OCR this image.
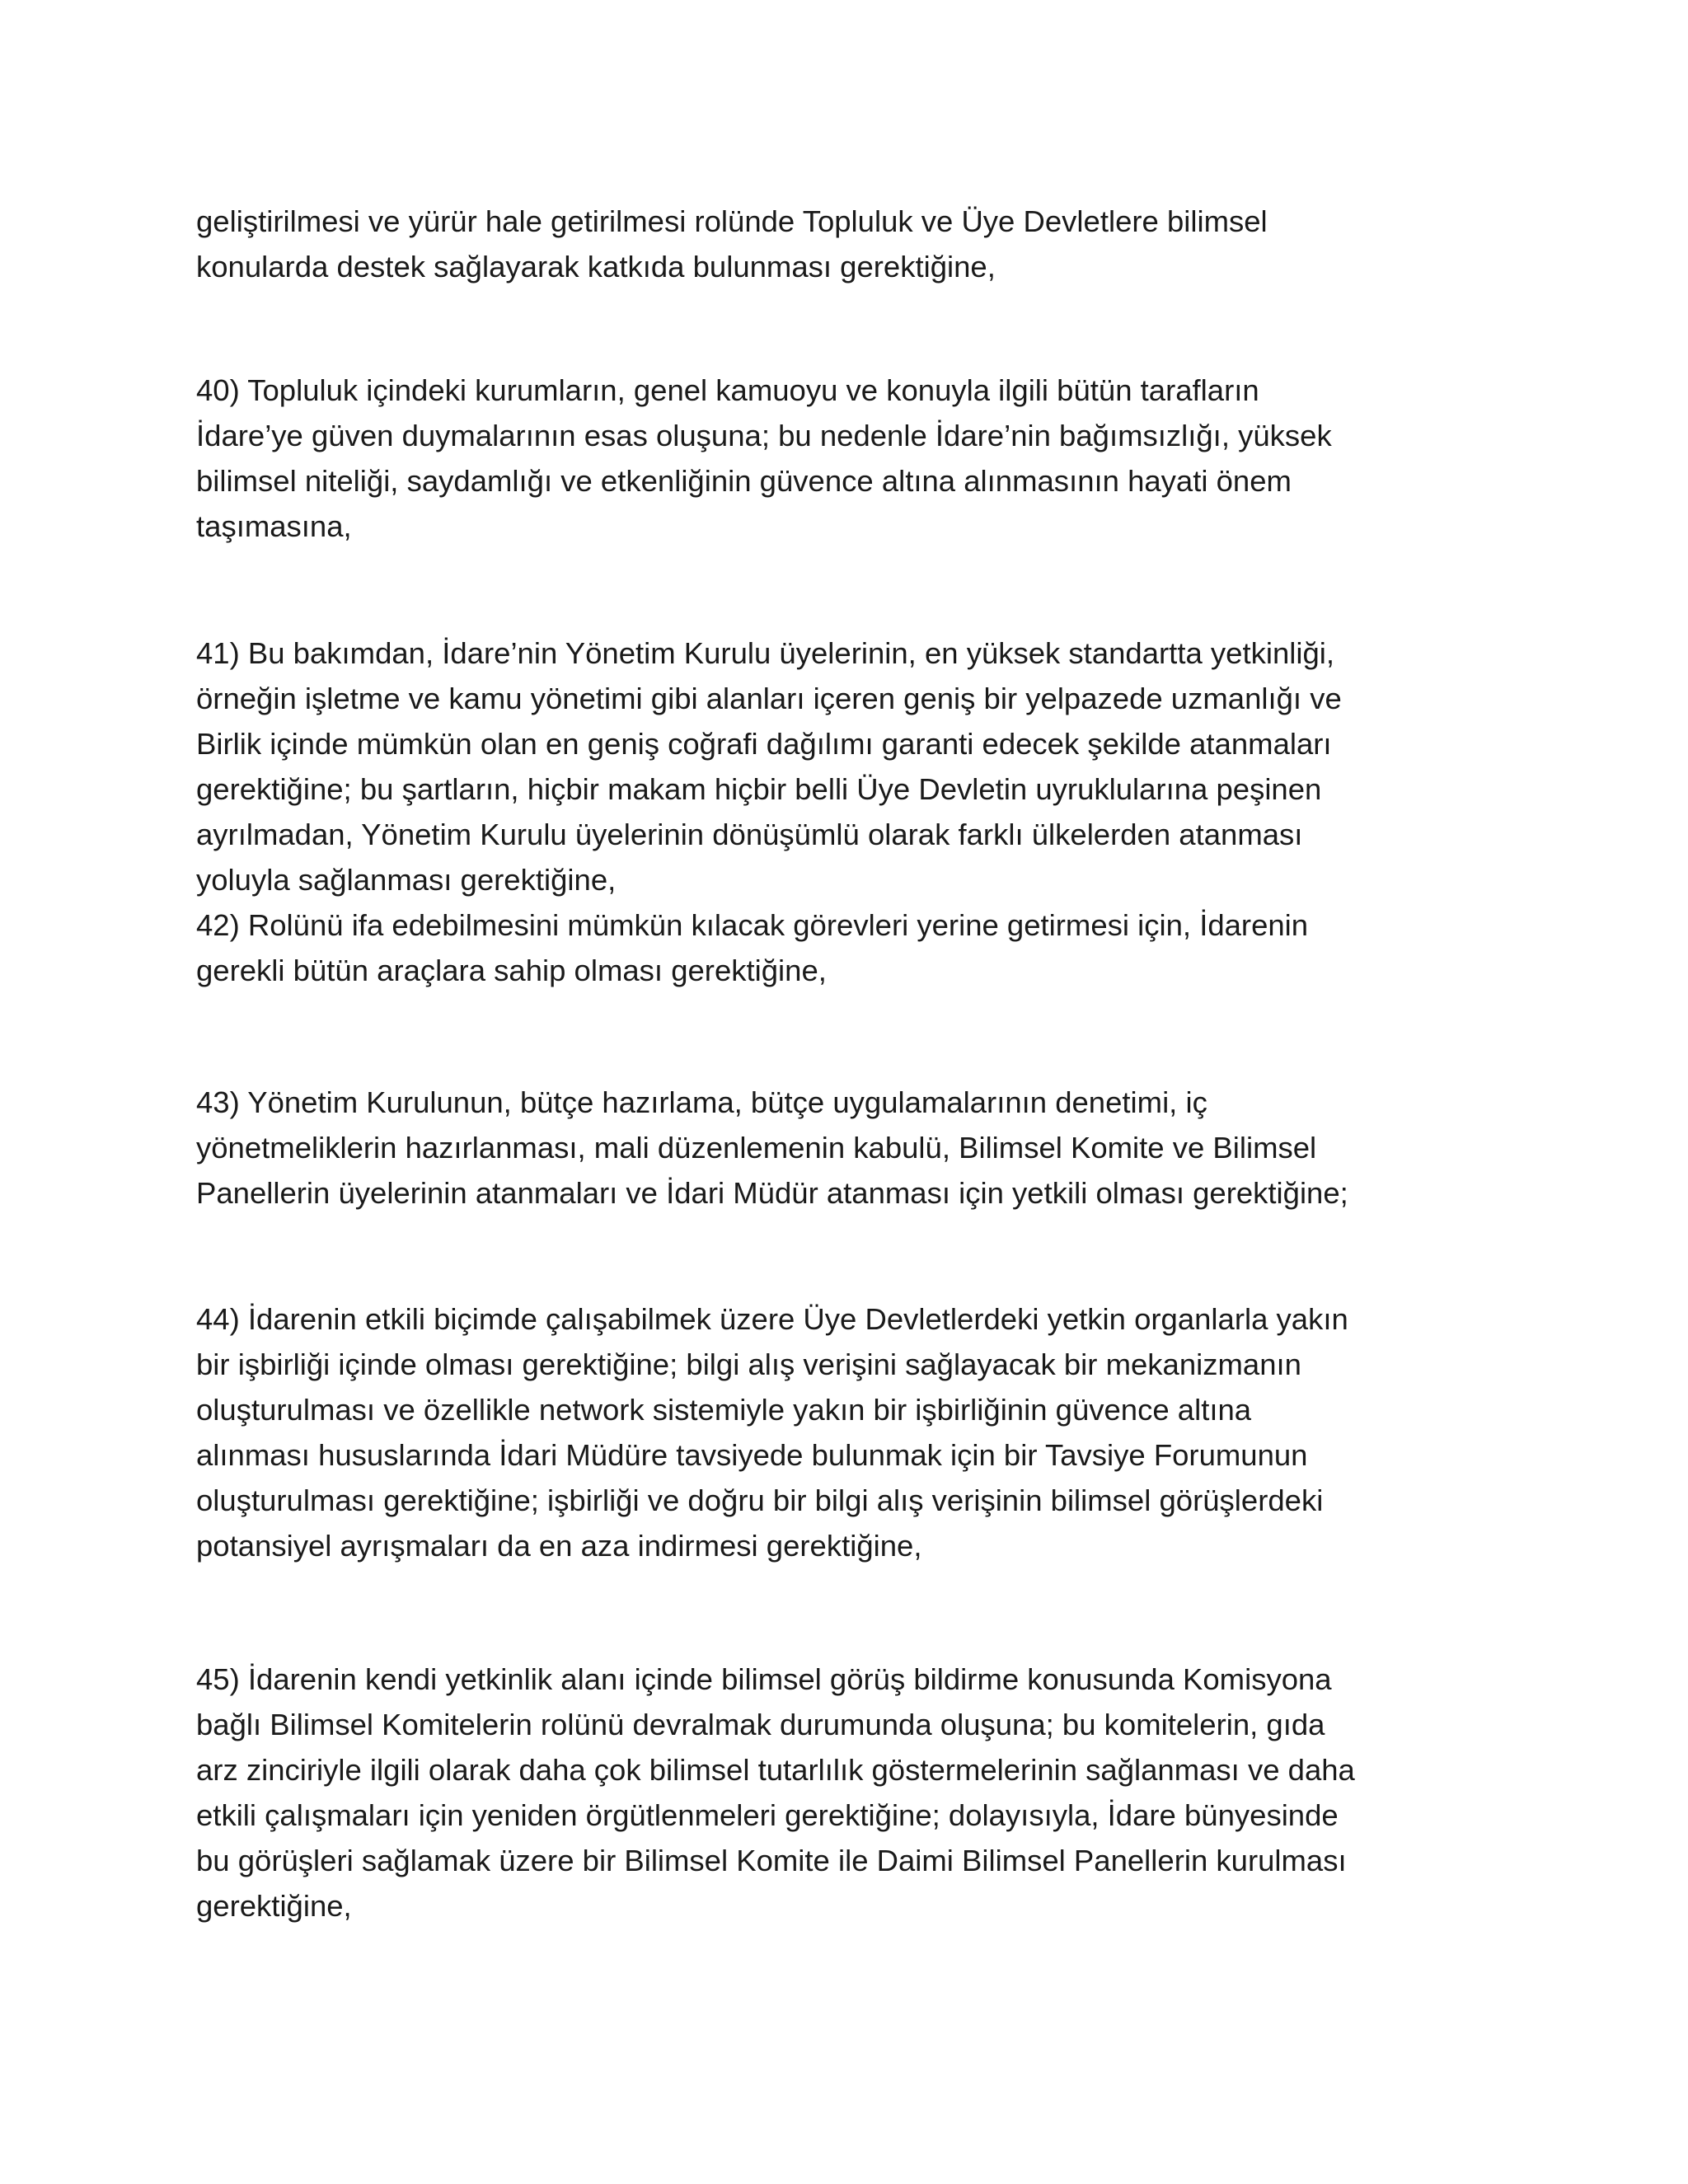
geliştirilmesi ve yürür hale getirilmesi rolünde Topluluk ve Üye Devletlere bilimsel
konularda destek sağlayarak katkıda bulunması gerektiğine,

40) Topluluk içindeki kurumların, genel kamuoyu ve konuyla ilgili bütün tarafların
İdare’ye güven duymalarının esas oluşuna; bu nedenle İdare’nin bağımsızlığı, yüksek
bilimsel niteliği, saydamlığı ve etkenliğinin güvence altına alınmasının hayati önem
taşımasına,

41) Bu bakımdan, İdare’nin Yönetim Kurulu üyelerinin, en yüksek standartta yetkinliği,
örneğin işletme ve kamu yönetimi gibi alanları içeren geniş bir yelpazede uzmanlığı ve
Birlik içinde mümkün olan en geniş coğrafi dağılımı garanti edecek şekilde atanmaları
gerektiğine; bu şartların, hiçbir makam hiçbir belli Üye Devletin uyruklularına peşinen
ayrılmadan, Yönetim Kurulu üyelerinin dönüşümlü olarak farklı ülkelerden atanması
yoluyla sağlanması gerektiğine,

42) Rolünü ifa edebilmesini mümkün kılacak görevleri yerine getirmesi için, İdarenin
gerekli bütün araçlara sahip olması gerektiğine,

43) Yönetim Kurulunun, bütçe hazırlama, bütçe uygulamalarının denetimi, iç
yönetmeliklerin hazırlanması, mali düzenlemenin kabulü, Bilimsel Komite ve Bilimsel
Panellerin üyelerinin atanmaları ve İdari Müdür atanması için yetkili olması gerektiğine;

44) İdarenin etkili biçimde çalışabilmek üzere Üye Devletlerdeki yetkin organlarla yakın
bir işbirliği içinde olması gerektiğine; bilgi alış verişini sağlayacak bir mekanizmanın
oluşturulması ve özellikle network sistemiyle yakın bir işbirliğinin güvence altına
alınması hususlarında İdari Müdüre tavsiyede bulunmak için bir Tavsiye Forumunun
oluşturulması gerektiğine; işbirliği ve doğru bir bilgi alış verişinin bilimsel görüşlerdeki
potansiyel ayrışmaları da en aza indirmesi gerektiğine,

45) İdarenin kendi yetkinlik alanı içinde bilimsel görüş bildirme konusunda Komisyona
bağlı Bilimsel Komitelerin rolünü devralmak durumunda oluşuna; bu komitelerin, gıda
arz zinciriyle ilgili olarak daha çok bilimsel tutarlılık göstermelerinin sağlanması ve daha
etkili çalışmaları için yeniden örgütlenmeleri gerektiğine; dolayısıyla, İdare bünyesinde
bu görüşleri sağlamak üzere bir Bilimsel Komite ile Daimi Bilimsel Panellerin kurulması
gerektiğine,
